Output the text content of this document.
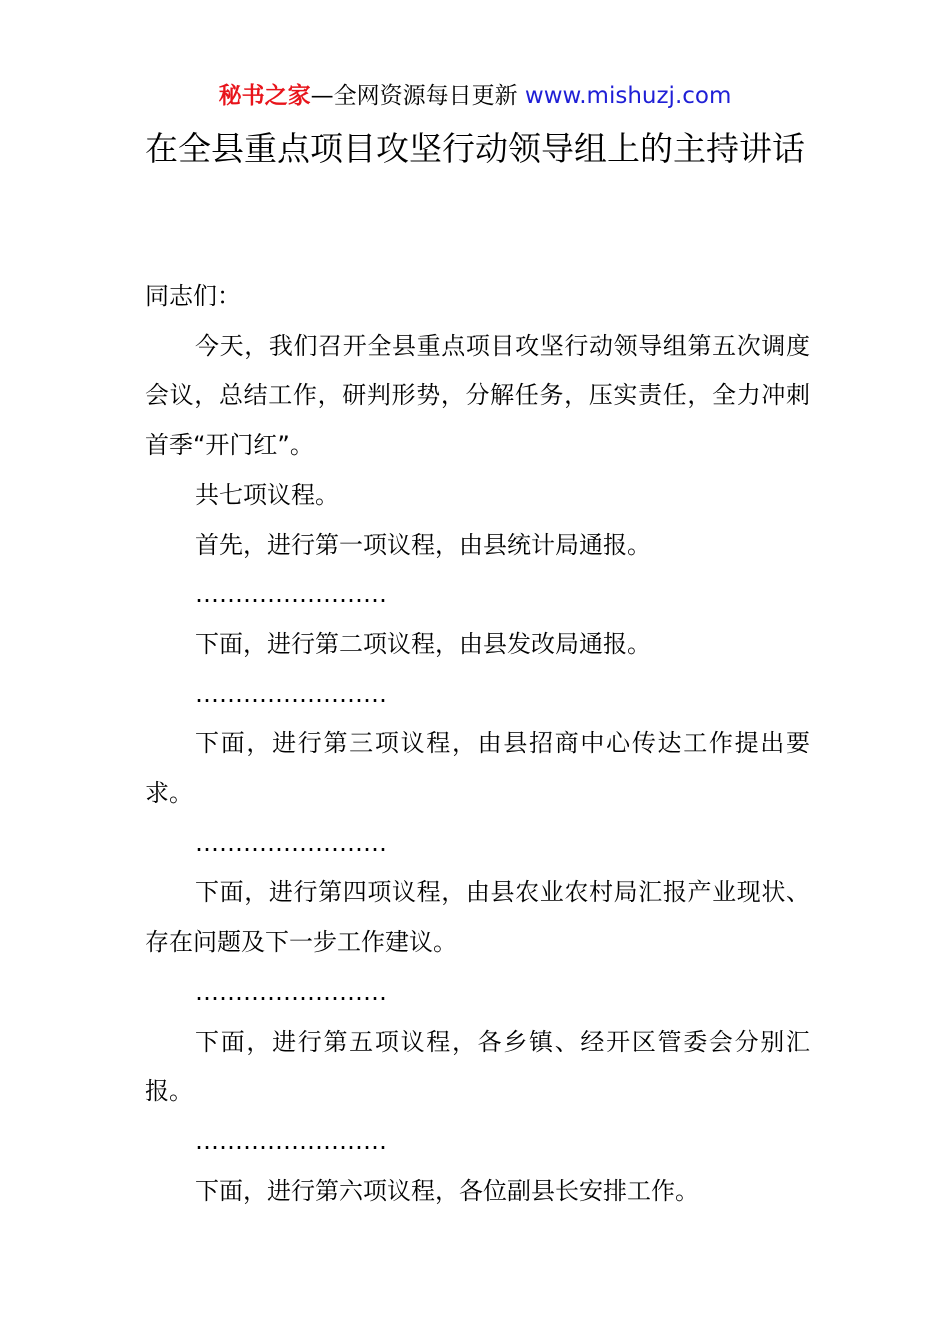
秘书之家—全网资源每日更新 www.mishuzj.com
在全县重点项目攻坚行动领导组上的主持讲话

同志们：

今天，我们召开全县重点项目攻坚行动领导组第五次调度会议，总结工作，研判形势，分解任务，压实责任，全力冲刺首季“开门红”。

共七项议程。

首先，进行第一项议程，由县统计局通报。

……………………

下面，进行第二项议程，由县发改局通报。

……………………

下面，进行第三项议程，由县招商中心传达工作提出要求。

……………………

下面，进行第四项议程，由县农业农村局汇报产业现状、存在问题及下一步工作建议。

……………………

下面，进行第五项议程，各乡镇、经开区管委会分别汇报。

……………………

下面，进行第六项议程，各位副县长安排工作。
